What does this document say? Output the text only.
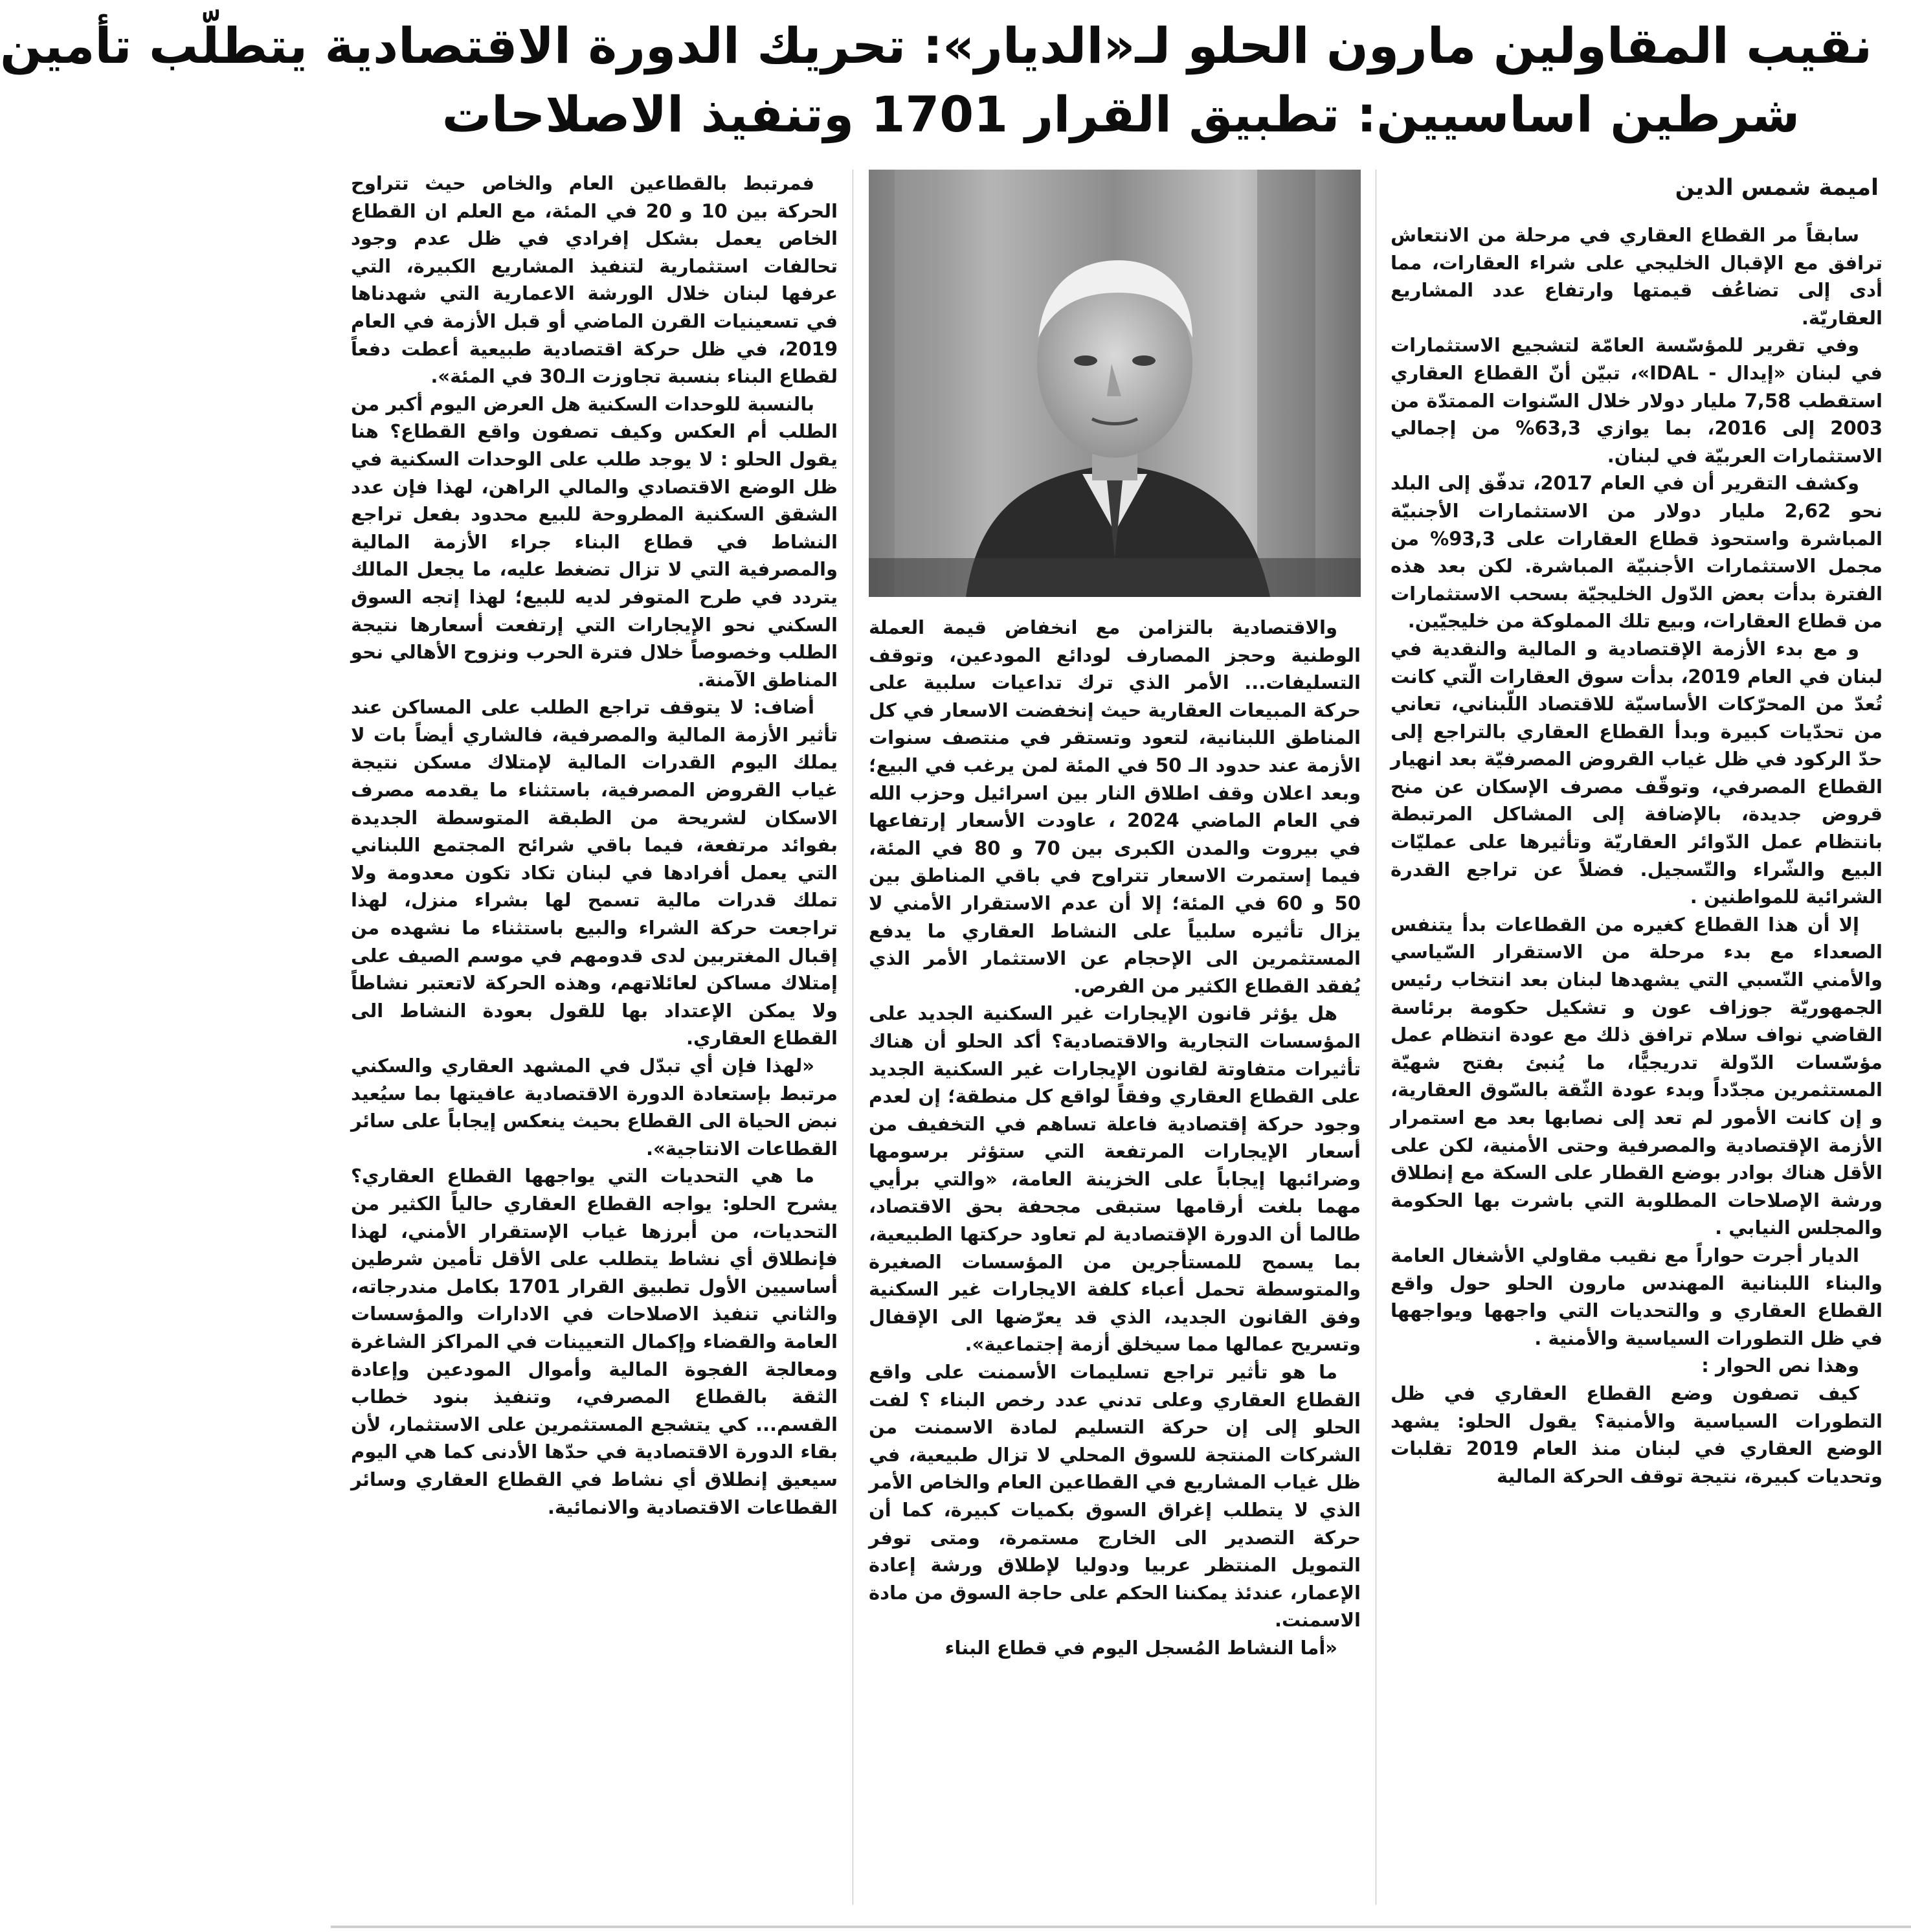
نقيب المقاولين مارون الحلو لـ«الديار»: تحريك الدورة الاقتصادية يتطلّب تأمين
شرطين اساسيين: تطبيق القرار 1701 وتنفيذ الاصلاحات
اميمة شمس الدين

سابقاً مر القطاع العقاري في مرحلة من الانتعاش ترافق مع الإقبال الخليجي على شراء العقارات، مما أدى إلى تضاعُف قيمتها وارتفاع عدد المشاريع العقاريّة.

وفي تقرير للمؤسّسة العامّة لتشجيع الاستثمارات في لبنان «إيدال - IDAL»، تبيّن أنّ القطاع العقاري استقطب 7,58 مليار دولار خلال السّنوات الممتدّة من 2003 إلى 2016، بما يوازي 63,3% من إجمالي الاستثمارات العربيّة في لبنان.

وكشف التقرير أن في العام 2017، تدفّق إلى البلد نحو 2,62 مليار دولار من الاستثمارات الأجنبيّة المباشرة واستحوذ قطاع العقارات على 93,3% من مجمل الاستثمارات الأجنبيّة المباشرة. لكن بعد هذه الفترة بدأت بعض الدّول الخليجيّة بسحب الاستثمارات من قطاع العقارات، وبيع تلك المملوكة من خليجيّين.

و مع بدء الأزمة الإقتصادية و المالية والنقدية في لبنان في العام 2019، بدأت سوق العقارات الّتي كانت تُعدّ من المحرّكات الأساسيّة للاقتصاد اللّبناني، تعاني من تحدّيات كبيرة وبدأ القطاع العقاري بالتراجع إلى حدّ الركود في ظل غياب القروض المصرفيّة بعد انهيار القطاع المصرفي، وتوقّف مصرف الإسكان عن منح قروض جديدة، بالإضافة إلى المشاكل المرتبطة بانتظام عمل الدّوائر العقاريّة وتأثيرها على عمليّات البيع والشّراء والتّسجيل. فضلاً عن تراجع القدرة الشرائية للمواطنين .

إلا أن هذا القطاع كغيره من القطاعات بدأ يتنفس الصعداء مع بدء مرحلة من الاستقرار السّياسي والأمني النّسبي التي يشهدها لبنان بعد انتخاب رئيس الجمهوريّة جوزاف عون و تشكيل حكومة برئاسة القاضي نواف سلام ترافق ذلك مع عودة انتظام عمل مؤسّسات الدّولة تدريجيًّا، ما يُنبئ بفتح شهيّة المستثمرين مجدّداً وبدء عودة الثّقة بالسّوق العقارية، و إن كانت الأمور لم تعد إلى نصابها بعد مع استمرار الأزمة الإقتصادية والمصرفية وحتى الأمنية، لكن على الأقل هناك بوادر بوضع القطار على السكة مع إنطلاق ورشة الإصلاحات المطلوبة التي باشرت بها الحكومة والمجلس النيابي .

الديار أجرت حواراً مع نقيب مقاولي الأشغال العامة والبناء اللبنانية المهندس مارون الحلو حول واقع القطاع العقاري و والتحديات التي واجهها ويواجهها في ظل التطورات السياسية والأمنية .

وهذا نص الحوار :

كيف تصفون وضع القطاع العقاري في ظل التطورات السياسية والأمنية؟ يقول الحلو: يشهد الوضع العقاري في لبنان منذ العام 2019 تقلبات وتحديات كبيرة، نتيجة توقف الحركة المالية

والاقتصادية بالتزامن مع انخفاض قيمة العملة الوطنية وحجز المصارف لودائع المودعين، وتوقف التسليفات... الأمر الذي ترك تداعيات سلبية على حركة المبيعات العقارية حيث إنخفضت الاسعار في كل المناطق اللبنانية، لتعود وتستقر في منتصف سنوات الأزمة عند حدود الـ 50 في المئة لمن يرغب في البيع؛ وبعد اعلان وقف اطلاق النار بين اسرائيل وحزب الله في العام الماضي 2024 ، عاودت الأسعار إرتفاعها في بيروت والمدن الكبرى بين 70 و 80 في المئة، فيما إستمرت الاسعار تتراوح في باقي المناطق بين 50 و 60 في المئة؛ إلا أن عدم الاستقرار الأمني لا يزال تأثيره سلبياً على النشاط العقاري ما يدفع المستثمرين الى الإحجام عن الاستثمار الأمر الذي يُفقد القطاع الكثير من الفرص.

هل يؤثر قانون الإيجارات غير السكنية الجديد على المؤسسات التجارية والاقتصادية؟ أكد الحلو أن هناك تأثيرات متفاوتة لقانون الإيجارات غير السكنية الجديد على القطاع العقاري وفقاً لواقع كل منطقة؛ إن لعدم وجود حركة إقتصادية فاعلة تساهم في التخفيف من أسعار الإيجارات المرتفعة التي ستؤثر برسومها وضرائبها إيجاباً على الخزينة العامة، «والتي برأيي مهما بلغت أرقامها ستبقى مجحفة بحق الاقتصاد، طالما أن الدورة الإقتصادية لم تعاود حركتها الطبيعية، بما يسمح للمستأجرين من المؤسسات الصغيرة والمتوسطة تحمل أعباء كلفة الايجارات غير السكنية وفق القانون الجديد، الذي قد يعرّضها الى الإقفال وتسريح عمالها مما سيخلق أزمة إجتماعية».

ما هو تأثير تراجع تسليمات الأسمنت على واقع القطاع العقاري وعلى تدني عدد رخص البناء ؟ لفت الحلو إلى إن حركة التسليم لمادة الاسمنت من الشركات المنتجة للسوق المحلي لا تزال طبيعية، في ظل غياب المشاريع في القطاعين العام والخاص الأمر الذي لا يتطلب إغراق السوق بكميات كبيرة، كما أن حركة التصدير الى الخارج مستمرة، ومتى توفر التمويل المنتظر عربيا ودوليا لإطلاق ورشة إعادة الإعمار، عندئذ يمكننا الحكم على حاجة السوق من مادة الاسمنت.

«أما النشاط المُسجل اليوم في قطاع البناء

فمرتبط بالقطاعين العام والخاص حيث تتراوح الحركة بين 10 و 20 في المئة، مع العلم ان القطاع الخاص يعمل بشكل إفرادي في ظل عدم وجود تحالفات استثمارية لتنفيذ المشاريع الكبيرة، التي عرفها لبنان خلال الورشة الاعمارية التي شهدناها في تسعينيات القرن الماضي أو قبل الأزمة في العام 2019، في ظل حركة اقتصادية طبيعية أعطت دفعاً لقطاع البناء بنسبة تجاوزت الـ30 في المئة».

بالنسبة للوحدات السكنية هل العرض اليوم أكبر من الطلب أم العكس وكيف تصفون واقع القطاع؟ هنا يقول الحلو : لا يوجد طلب على الوحدات السكنية في ظل الوضع الاقتصادي والمالي الراهن، لهذا فإن عدد الشقق السكنية المطروحة للبيع محدود بفعل تراجع النشاط في قطاع البناء جراء الأزمة المالية والمصرفية التي لا تزال تضغط عليه، ما يجعل المالك يتردد في طرح المتوفر لديه للبيع؛ لهذا إتجه السوق السكني نحو الإيجارات التي إرتفعت أسعارها نتيجة الطلب وخصوصاً خلال فترة الحرب ونزوح الأهالي نحو المناطق الآمنة.

أضاف: لا يتوقف تراجع الطلب على المساكن عند تأثير الأزمة المالية والمصرفية، فالشاري أيضاً بات لا يملك اليوم القدرات المالية لإمتلاك مسكن نتيجة غياب القروض المصرفية، باستثناء ما يقدمه مصرف الاسكان لشريحة من الطبقة المتوسطة الجديدة بفوائد مرتفعة، فيما باقي شرائح المجتمع اللبناني التي يعمل أفرادها في لبنان تكاد تكون معدومة ولا تملك قدرات مالية تسمح لها بشراء منزل، لهذا تراجعت حركة الشراء والبيع باستثناء ما نشهده من إقبال المغتربين لدى قدومهم في موسم الصيف على إمتلاك مساكن لعائلاتهم، وهذه الحركة لاتعتبر نشاطاً ولا يمكن الإعتداد بها للقول بعودة النشاط الى القطاع العقاري.

«لهذا فإن أي تبدّل في المشهد العقاري والسكني مرتبط بإستعادة الدورة الاقتصادية عافيتها بما سيُعيد نبض الحياة الى القطاع بحيث ينعكس إيجاباً على سائر القطاعات الانتاجية».

ما هي التحديات التي يواجهها القطاع العقاري؟ يشرح الحلو: يواجه القطاع العقاري حالياً الكثير من التحديات، من أبرزها غياب الإستقرار الأمني، لهذا فإنطلاق أي نشاط يتطلب على الأقل تأمين شرطين أساسيين الأول تطبيق القرار 1701 بكامل مندرجاته، والثاني تنفيذ الاصلاحات في الادارات والمؤسسات العامة والقضاء وإكمال التعيينات في المراكز الشاغرة ومعالجة الفجوة المالية وأموال المودعين وإعادة الثقة بالقطاع المصرفي، وتنفيذ بنود خطاب القسم... كي يتشجع المستثمرين على الاستثمار، لأن بقاء الدورة الاقتصادية في حدّها الأدنى كما هي اليوم سيعيق إنطلاق أي نشاط في القطاع العقاري وسائر القطاعات الاقتصادية والانمائية.
